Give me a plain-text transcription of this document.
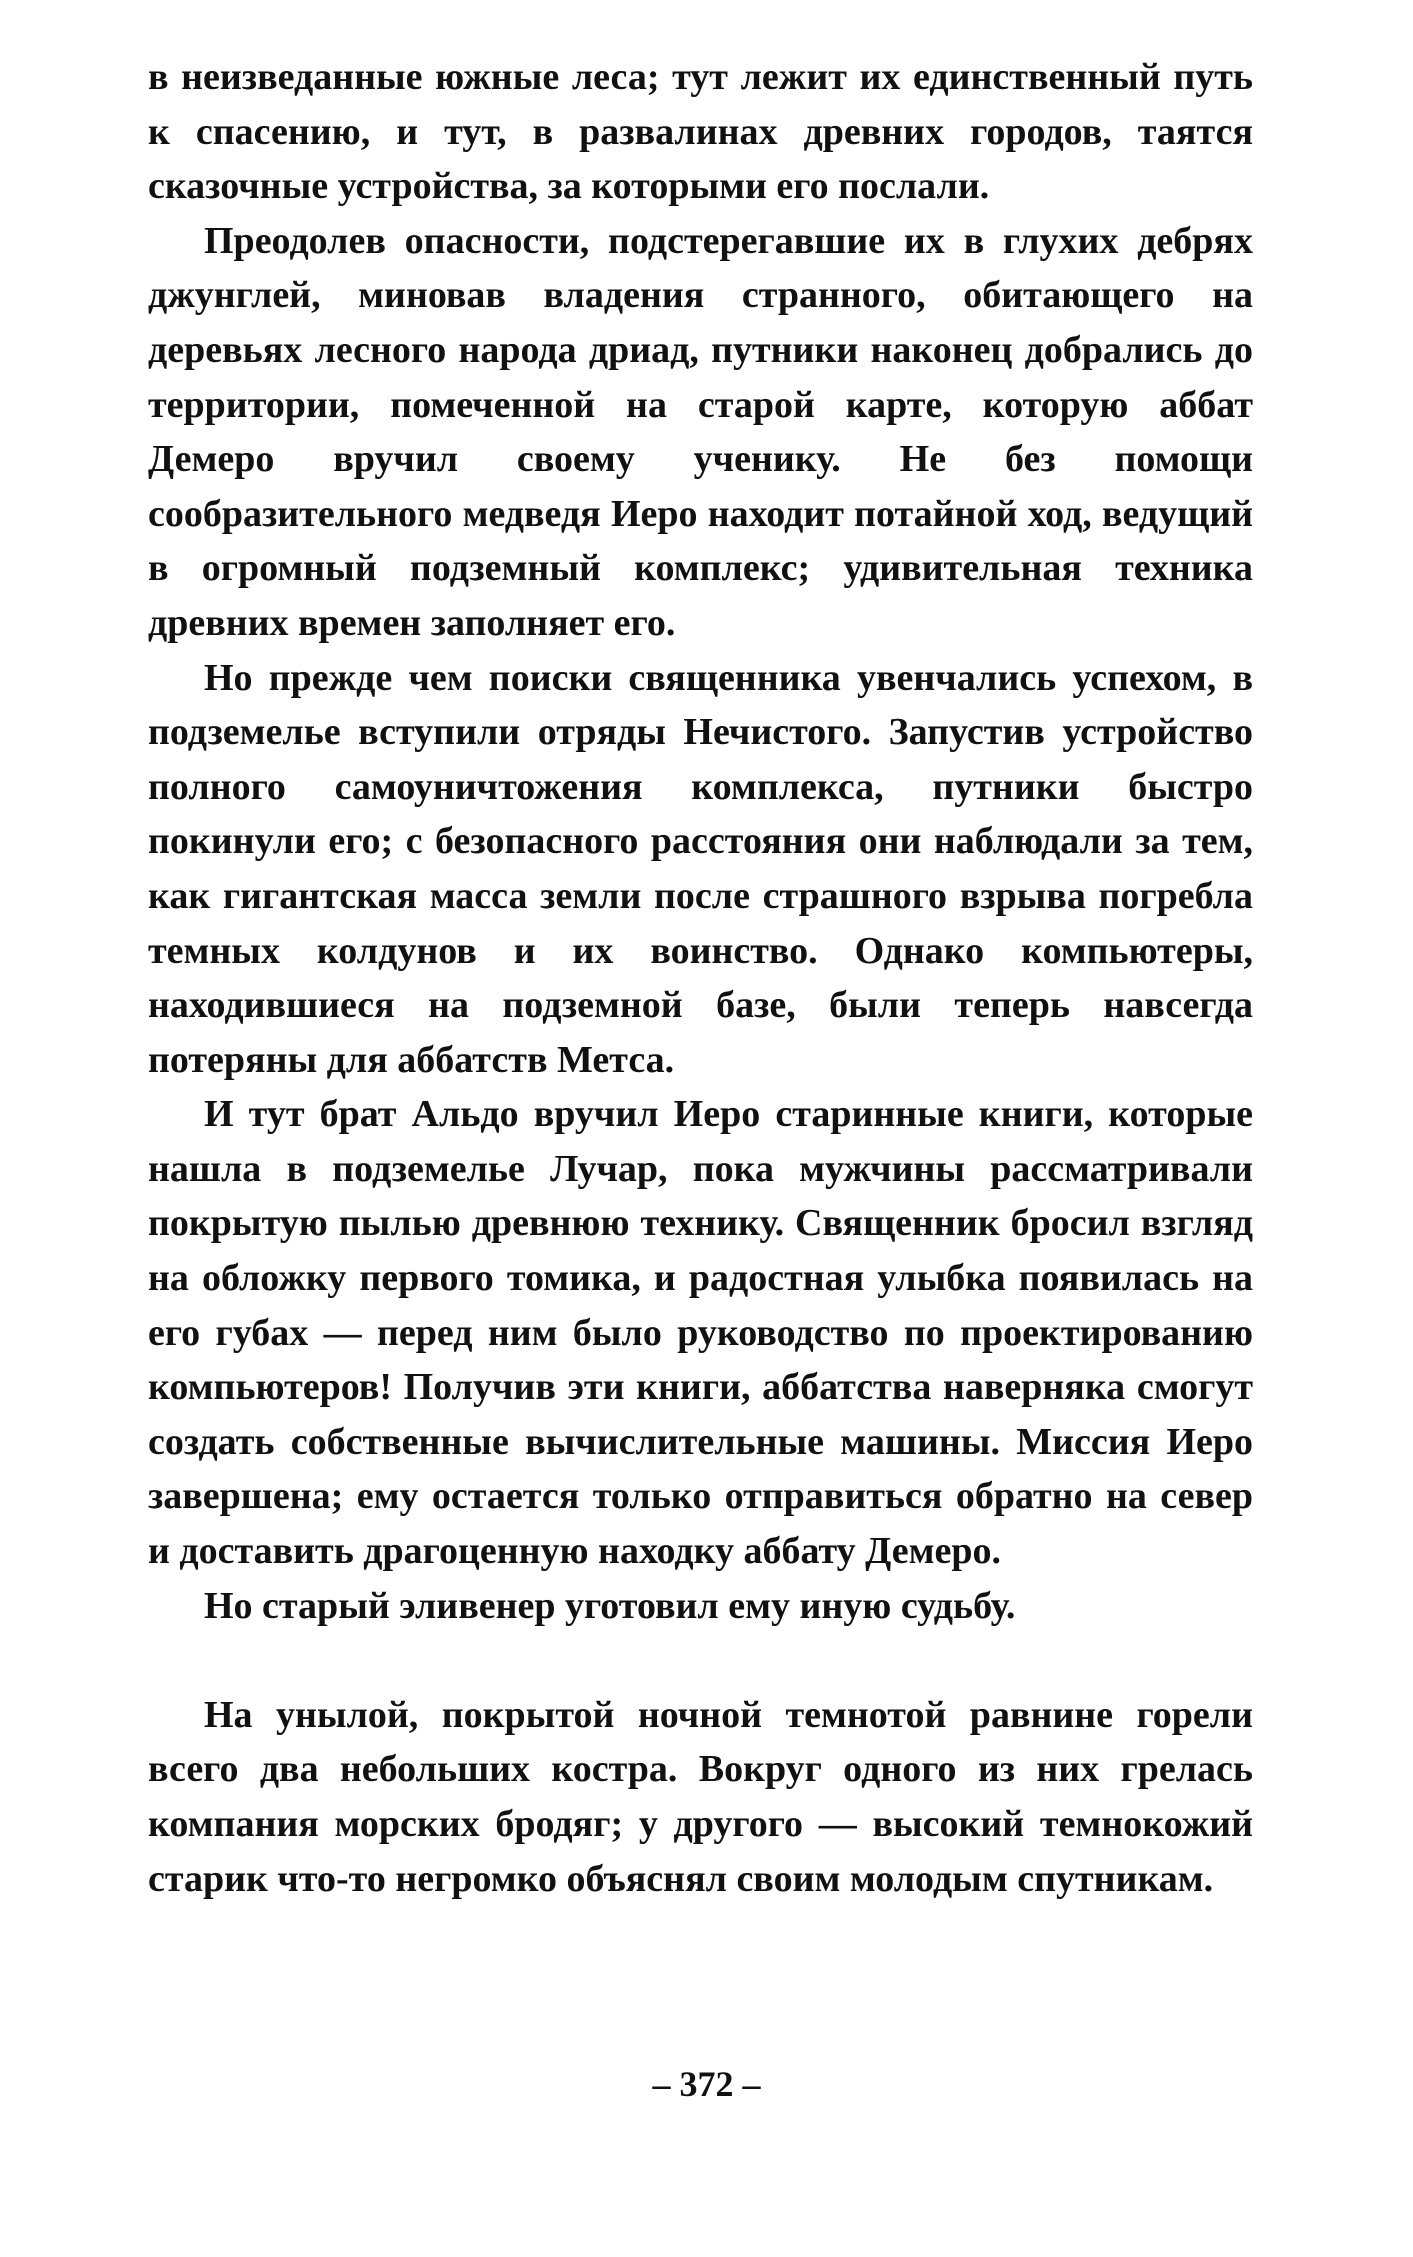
в неизведанные южные леса; тут лежит их единственный путь к спасению, и тут, в развалинах древних городов, таятся сказочные устройства, за которыми его послали.

Преодолев опасности, подстерегавшие их в глухих дебрях джунглей, миновав владения странного, обитающего на деревьях лесного народа дриад, путники наконец добрались до территории, помеченной на старой карте, которую аббат Демеро вручил своему ученику. Не без помощи сообразительного медведя Иеро находит потайной ход, ведущий в огромный подземный комплекс; удивительная техника древних времен заполняет его.

Но прежде чем поиски священника увенчались успехом, в подземелье вступили отряды Нечистого. Запустив устройство полного самоуничтожения комплекса, путники быстро покинули его; с безопасного расстояния они наблюдали за тем, как гигантская масса земли после страшного взрыва погребла темных колдунов и их воинство. Однако компьютеры, находившиеся на подземной базе, были теперь навсегда потеряны для аббатств Метса.

И тут брат Альдо вручил Иеро старинные книги, которые нашла в подземелье Лучар, пока мужчины рассматривали покрытую пылью древнюю технику. Священник бросил взгляд на обложку первого томика, и радостная улыбка появилась на его губах — перед ним было руководство по проектированию компьютеров! Получив эти книги, аббатства наверняка смогут создать собственные вычислительные машины. Миссия Иеро завершена; ему остается только отправиться обратно на север и доставить драгоценную находку аббату Демеро.

Но старый эливенер уготовил ему иную судьбу.

На унылой, покрытой ночной темнотой равнине горели всего два небольших костра. Вокруг одного из них грелась компания морских бродяг; у другого — высокий темнокожий старик что-то негромко объяснял своим молодым спутникам.

– 372 –
